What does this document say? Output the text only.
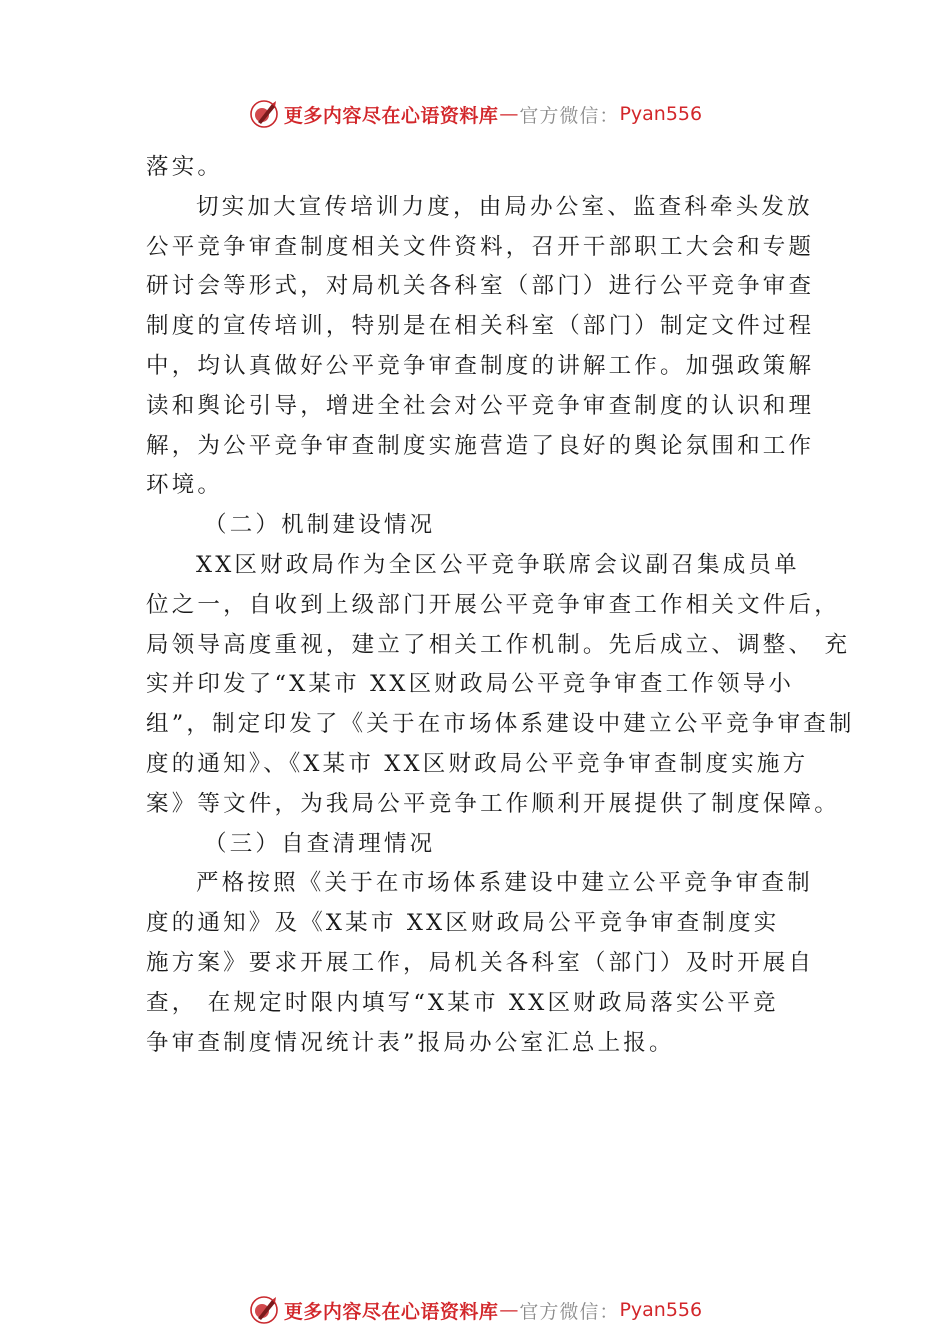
更多内容尽在心语资料库 — 官方微信： Pyan556
落实。
切实加大宣传培训力度，由局办公室、监查科牵头发放
公平竞争审查制度相关文件资料，召开干部职工大会和专题
研讨会等形式，对局机关各科室（部门）进行公平竞争审查
制度的宣传培训，特别是在相关科室（部门）制定文件过程
中，均认真做好公平竞争审查制度的讲解工作。加强政策解
读和舆论引导，增进全社会对公平竞争审查制度的认识和理
解，为公平竞争审查制度实施营造了良好的舆论氛围和工作
环境。
（二）机制建设情况
XX区财政局作为全区公平竞争联席会议副召集成员单
位之一，自收到上级部门开展公平竞争审查工作相关文件后，
局领导高度重视，建立了相关工作机制。先后成立、调整、 充
实并印发了“X某市 XX区财政局公平竞争审查工作领导小
组”，制定印发了《关于在市场体系建设中建立公平竞争审查制
度的通知》、《X某市 XX区财政局公平竞争审查制度实施方
案》等文件，为我局公平竞争工作顺利开展提供了制度保障。
（三）自查清理情况
严格按照《关于在市场体系建设中建立公平竞争审查制
度的通知》及《X某市 XX区财政局公平竞争审查制度实
施方案》要求开展工作，局机关各科室（部门）及时开展自
查， 在规定时限内填写“X某市 XX区财政局落实公平竞
争审查制度情况统计表”报局办公室汇总上报。
更多内容尽在心语资料库 — 官方微信： Pyan556
